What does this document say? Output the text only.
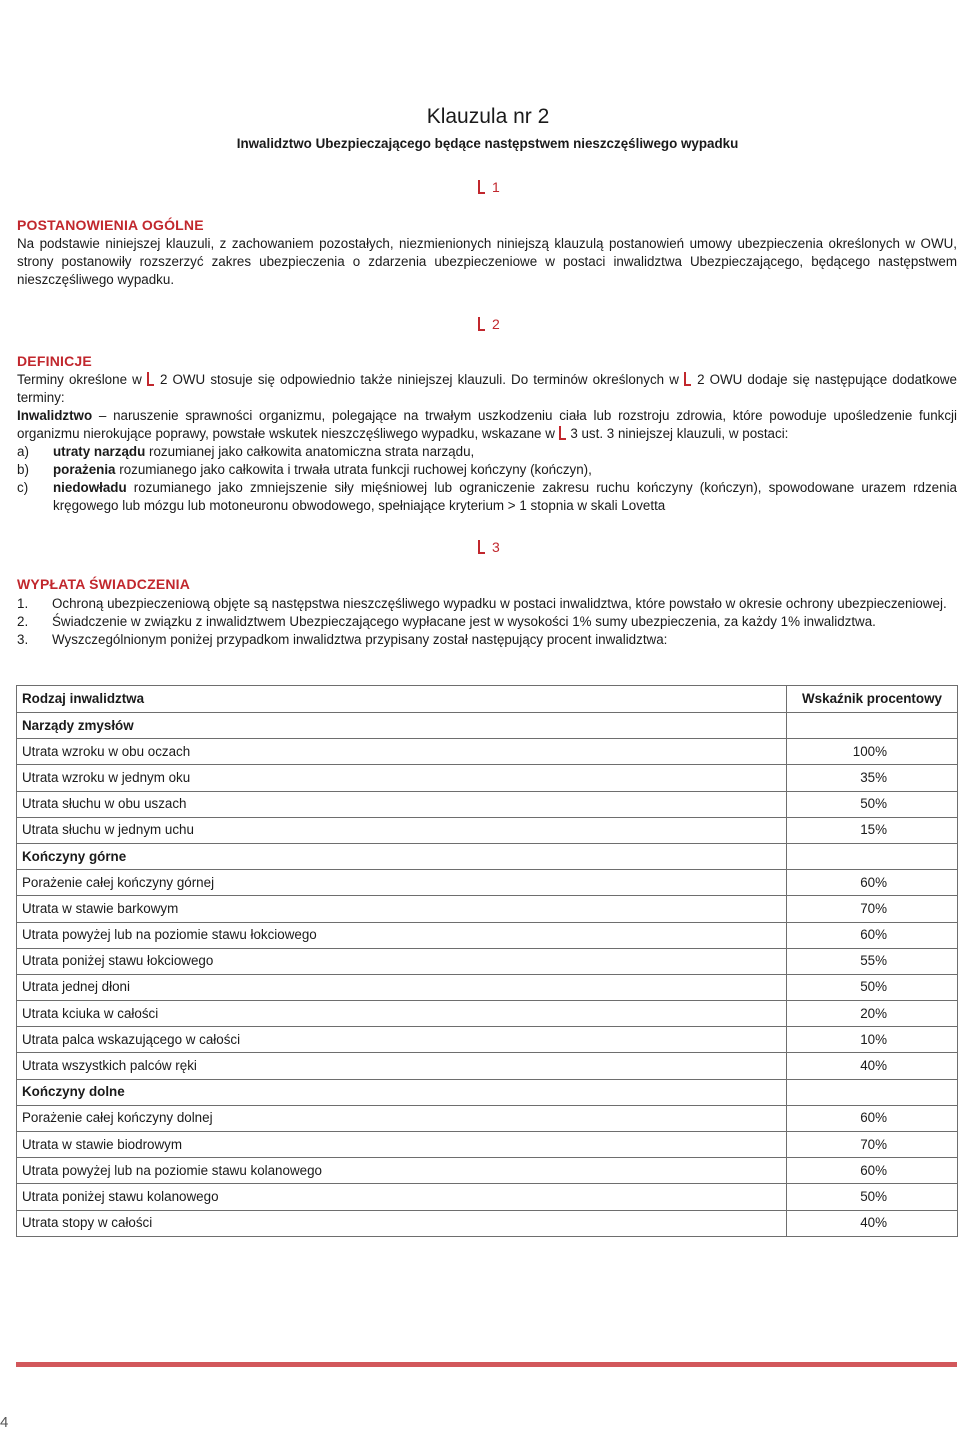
Klauzula nr 2
Inwalidztwo Ubezpieczającego będące następstwem nieszczęśliwego wypadku
1
POSTANOWIENIA OGÓLNE

Na podstawie niniejszej klauzuli, z zachowaniem pozostałych, niezmienionych niniejszą klauzulą postanowień umowy ubezpieczenia określonych w OWU, strony postanowiły rozszerzyć zakres ubezpieczenia o zdarzenia ubezpieczeniowe w postaci inwalidztwa Ubezpieczającego, będącego następstwem nieszczęśliwego wypadku.

2
DEFINICJE

Terminy określone w  2 OWU stosuje się odpowiednio także niniejszej klauzuli. Do terminów określonych w  2 OWU dodaje się następujące dodatkowe terminy:

Inwalidztwo – naruszenie sprawności organizmu, polegające na trwałym uszkodzeniu ciała lub rozstroju zdrowia, które powoduje upośledzenie funkcji organizmu nierokujące poprawy, powstałe wskutek nieszczęśliwego wypadku, wskazane w  3 ust. 3 niniejszej klauzuli, w postaci:

a)	utraty narządu rozumianej jako całkowita anatomiczna strata narządu,
b)	porażenia rozumianego jako całkowita i trwała utrata funkcji ruchowej kończyny (kończyn),
c)	niedowładu rozumianego jako zmniejszenie siły mięśniowej lub ograniczenie zakresu ruchu kończyny (kończyn), spowodowane urazem rdzenia kręgowego lub mózgu lub motoneuronu obwodowego, spełniające kryterium > 1 stopnia w skali Lovetta
3
WYPŁATA ŚWIADCZENIA
1.	Ochroną ubezpieczeniową objęte są następstwa nieszczęśliwego wypadku w postaci inwalidztwa, które powstało w okresie ochrony ubezpieczeniowej.
2.	Świadczenie w związku z inwalidztwem Ubezpieczającego wypłacane jest w wysokości 1% sumy ubezpieczenia, za każdy 1% inwalidztwa.
3.	Wyszczególnionym poniżej przypadkom inwalidztwa przypisany został następujący procent inwalidztwa:
Rodzaj inwalidztwa	Wskaźnik procentowy
Narządy zmysłów	
Utrata wzroku w obu oczach	100%
Utrata wzroku w jednym oku	35%
Utrata słuchu w obu uszach	50%
Utrata słuchu w jednym uchu	15%
Kończyny górne	
Porażenie całej kończyny górnej	60%
Utrata w stawie barkowym	70%
Utrata powyżej lub na poziomie stawu łokciowego	60%
Utrata poniżej stawu łokciowego	55%
Utrata jednej dłoni	50%
Utrata kciuka w całości	20%
Utrata palca wskazującego w całości	10%
Utrata wszystkich palców ręki	40%
Kończyny dolne	
Porażenie całej kończyny dolnej	60%
Utrata w stawie biodrowym	70%
Utrata powyżej lub na poziomie stawu kolanowego	60%
Utrata poniżej stawu kolanowego	50%
Utrata stopy w całości	40%
4
